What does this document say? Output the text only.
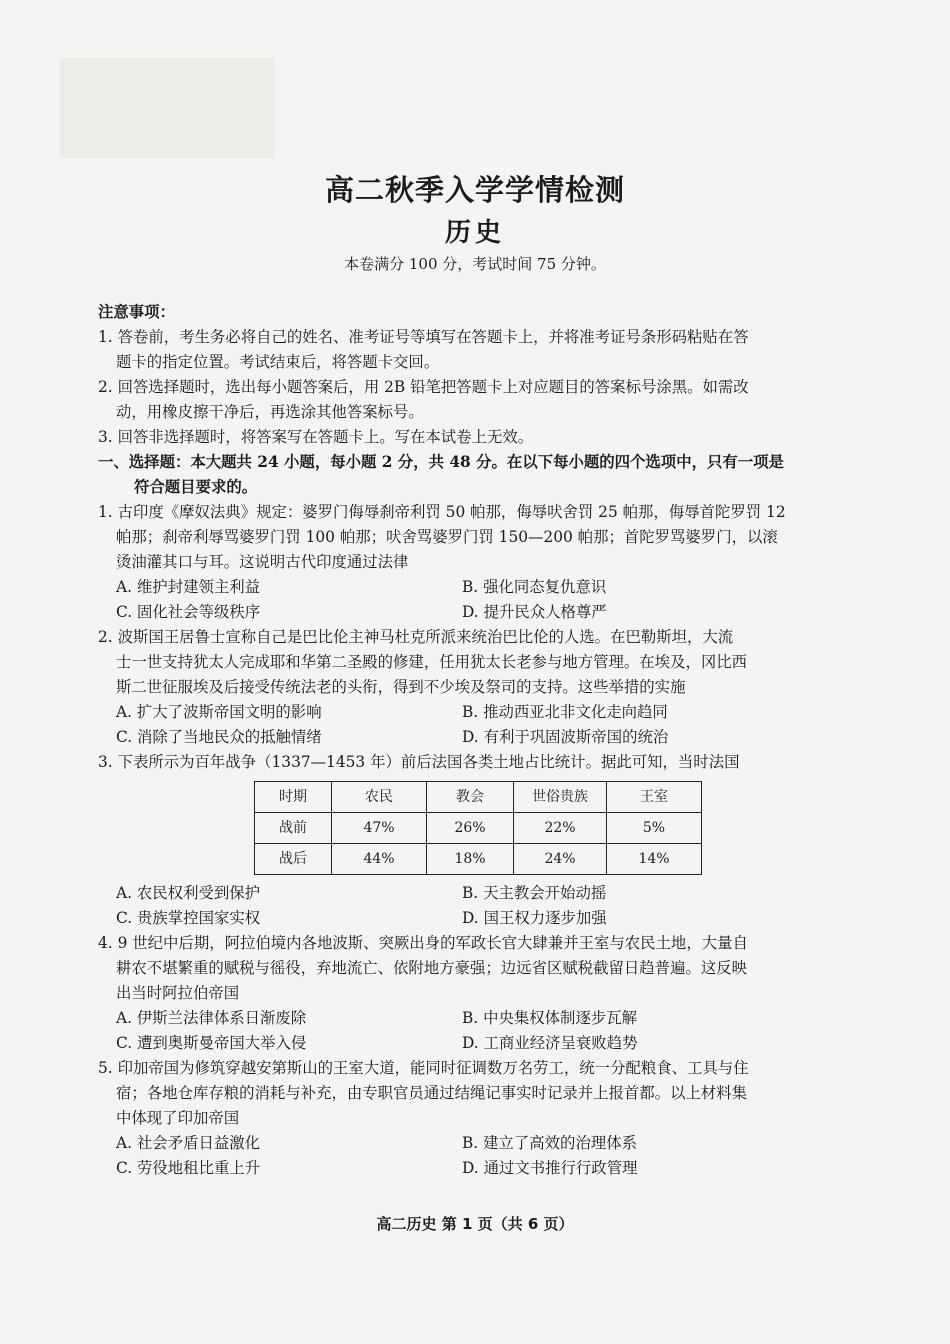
高二秋季入学学情检测
历史
本卷满分 100 分，考试时间 75 分钟。
注意事项：
1. 答卷前，考生务必将自己的姓名、准考证号等填写在答题卡上，并将准考证号条形码粘贴在答
题卡的指定位置。考试结束后，将答题卡交回。
2. 回答选择题时，选出每小题答案后，用 2B 铅笔把答题卡上对应题目的答案标号涂黑。如需改
动，用橡皮擦干净后，再选涂其他答案标号。
3. 回答非选择题时，将答案写在答题卡上。写在本试卷上无效。
一、选择题：本大题共 24 小题，每小题 2 分，共 48 分。在以下每小题的四个选项中，只有一项是
符合题目要求的。
1. 古印度《摩奴法典》规定：婆罗门侮辱刹帝利罚 50 帕那，侮辱吠舍罚 25 帕那，侮辱首陀罗罚 12
帕那；刹帝利辱骂婆罗门罚 100 帕那；吠舍骂婆罗门罚 150—200 帕那；首陀罗骂婆罗门，以滚
烫油灌其口与耳。这说明古代印度通过法律
A. 维护封建领主利益	B. 强化同态复仇意识
C. 固化社会等级秩序	D. 提升民众人格尊严
2. 波斯国王居鲁士宣称自己是巴比伦主神马杜克所派来统治巴比伦的人选。在巴勒斯坦，大流
士一世支持犹太人完成耶和华第二圣殿的修建，任用犹太长老参与地方管理。在埃及，冈比西
斯二世征服埃及后接受传统法老的头衔，得到不少埃及祭司的支持。这些举措的实施
A. 扩大了波斯帝国文明的影响	B. 推动西亚北非文化走向趋同
C. 消除了当地民众的抵触情绪	D. 有利于巩固波斯帝国的统治
3. 下表所示为百年战争（1337—1453 年）前后法国各类土地占比统计。据此可知，当时法国
时期	农民	教会	世俗贵族	王室
战前	47%	26%	22%	5%
战后	44%	18%	24%	14%
A. 农民权利受到保护	B. 天主教会开始动摇
C. 贵族掌控国家实权	D. 国王权力逐步加强
4. 9 世纪中后期，阿拉伯境内各地波斯、突厥出身的军政长官大肆兼并王室与农民土地，大量自
耕农不堪繁重的赋税与徭役，弃地流亡、依附地方豪强；边远省区赋税截留日趋普遍。这反映
出当时阿拉伯帝国
A. 伊斯兰法律体系日渐废除	B. 中央集权体制逐步瓦解
C. 遭到奥斯曼帝国大举入侵	D. 工商业经济呈衰败趋势
5. 印加帝国为修筑穿越安第斯山的王室大道，能同时征调数万名劳工，统一分配粮食、工具与住
宿；各地仓库存粮的消耗与补充，由专职官员通过结绳记事实时记录并上报首都。以上材料集
中体现了印加帝国
A. 社会矛盾日益激化	B. 建立了高效的治理体系
C. 劳役地租比重上升	D. 通过文书推行行政管理
高二历史 第 1 页（共 6 页）
